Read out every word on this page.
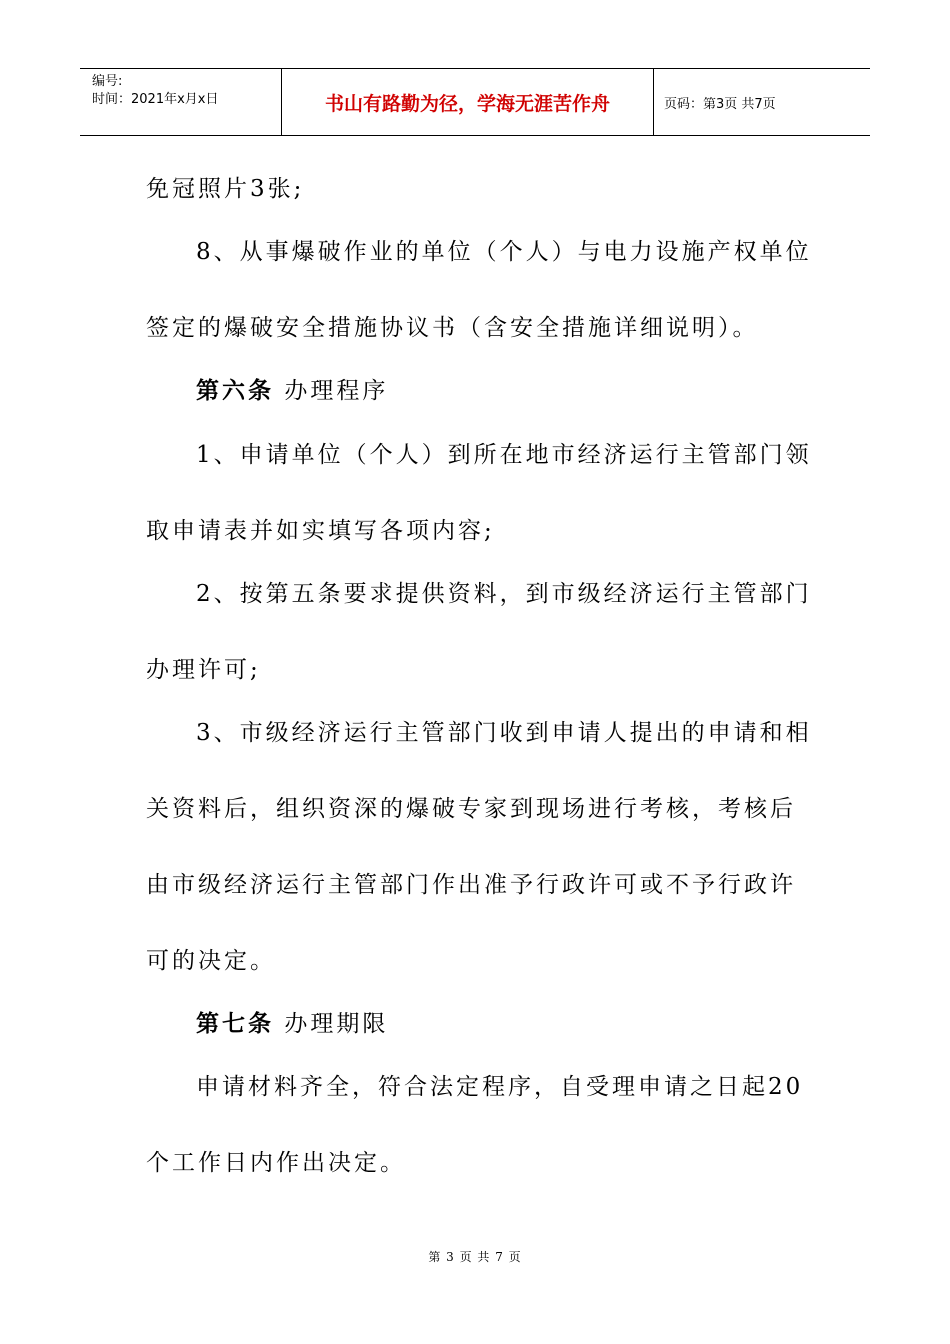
编号:
时间：2021年x月x日	书山有路勤为径，学海无涯苦作舟	页码：第3页 共7页

免冠照片3张;

8、从事爆破作业的单位（个人）与电力设施产权单位

签定的爆破安全措施协议书（含安全措施详细说明）。

第六条 办理程序

1、申请单位（个人）到所在地市经济运行主管部门领

取申请表并如实填写各项内容;

2、按第五条要求提供资料，到市级经济运行主管部门

办理许可;

3、市级经济运行主管部门收到申请人提出的申请和相

关资料后，组织资深的爆破专家到现场进行考核，考核后

由市级经济运行主管部门作出准予行政许可或不予行政许

可的决定。

第七条 办理期限

申请材料齐全，符合法定程序，自受理申请之日起20

个工作日内作出决定。

第 3 页 共 7 页
